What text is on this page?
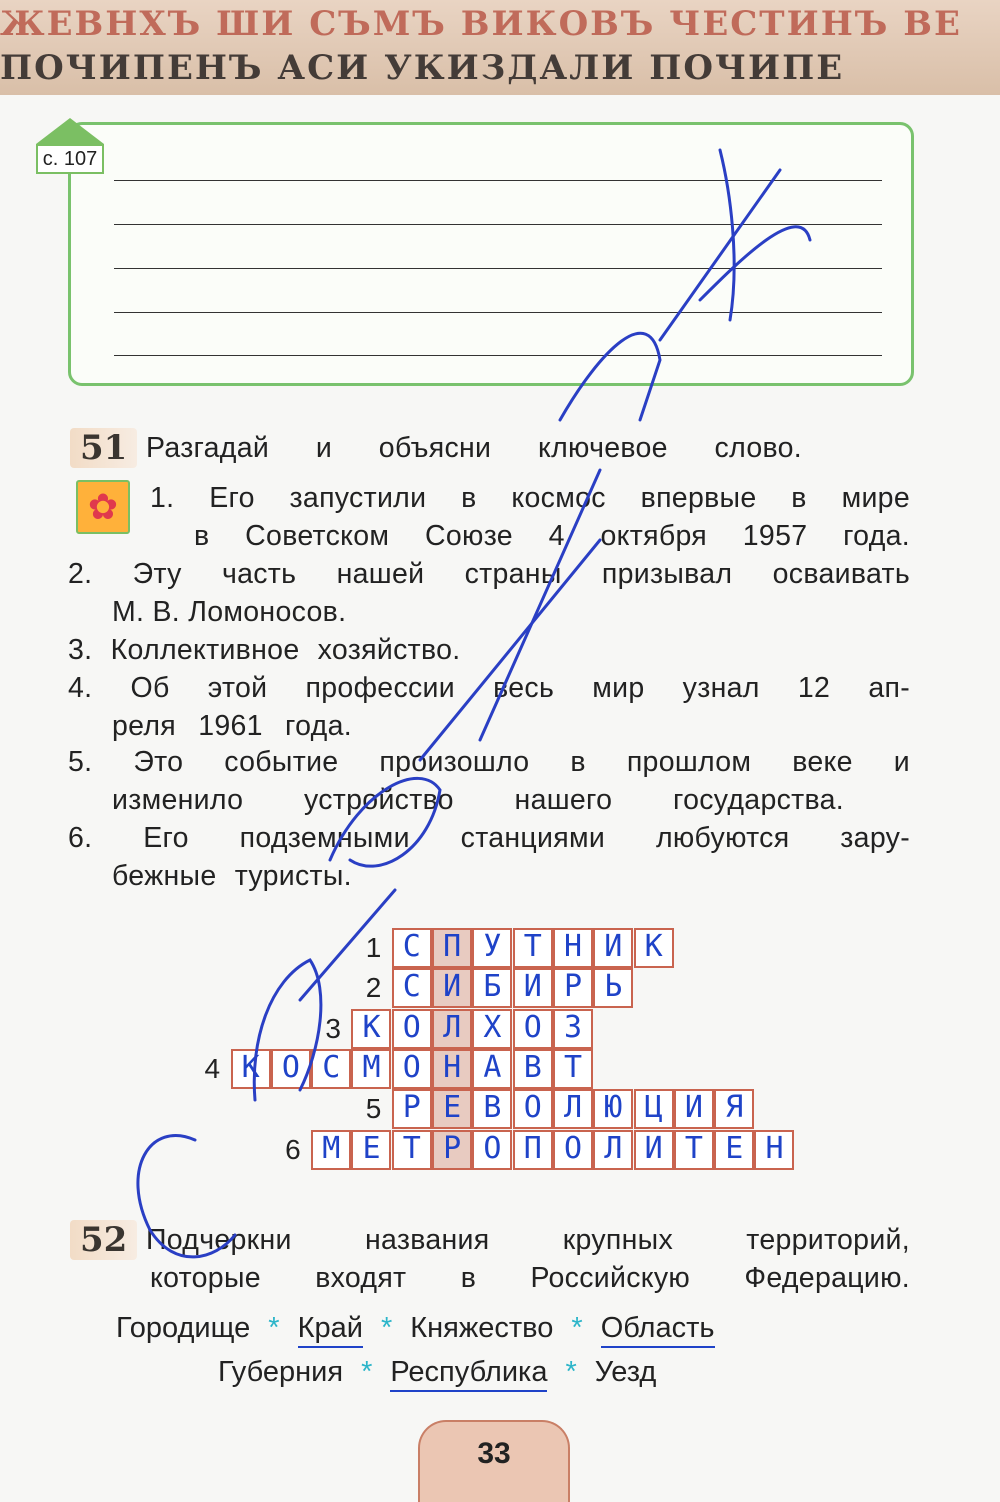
ЖЕВНХЪ ШИ СЪМЪ ВИКОВЪ ЧЕСТИНЪ ВЕ
ПОЧИПЕНЪ АСИ УКИЗДАЛИ ПОЧИПЕ
с. 107
51 Разгадай и объясни ключевое слово.
✿	1. Его запустили в космос впервые в мире
в Советском Союзе 4 октября 1957 года.
2. Эту часть нашей страны призывал осваивать
М. В. Ломоносов.
3. Коллективное хозяйство.
4. Об этой профессии весь мир узнал 12 ап-
реля 1961 года.
5. Это событие произошло в прошлом веке и
изменило устройство нашего государства.
6. Его подземными станциями любуются зару-
бежные туристы.
1 С П У Т Н И К
2 С И Б И Р Ь
3 К О Л Х О З
4 К О С М О Н А В Т
5 Р Е В О Л Ю Ц И Я
6 М Е Т Р О П О Л И Т Е Н
52 Подчеркни названия крупных территорий,
которые входят в Российскую Федерацию.
Городище * Край * Княжество * Область
Губерния * Республика * Уезд
33
